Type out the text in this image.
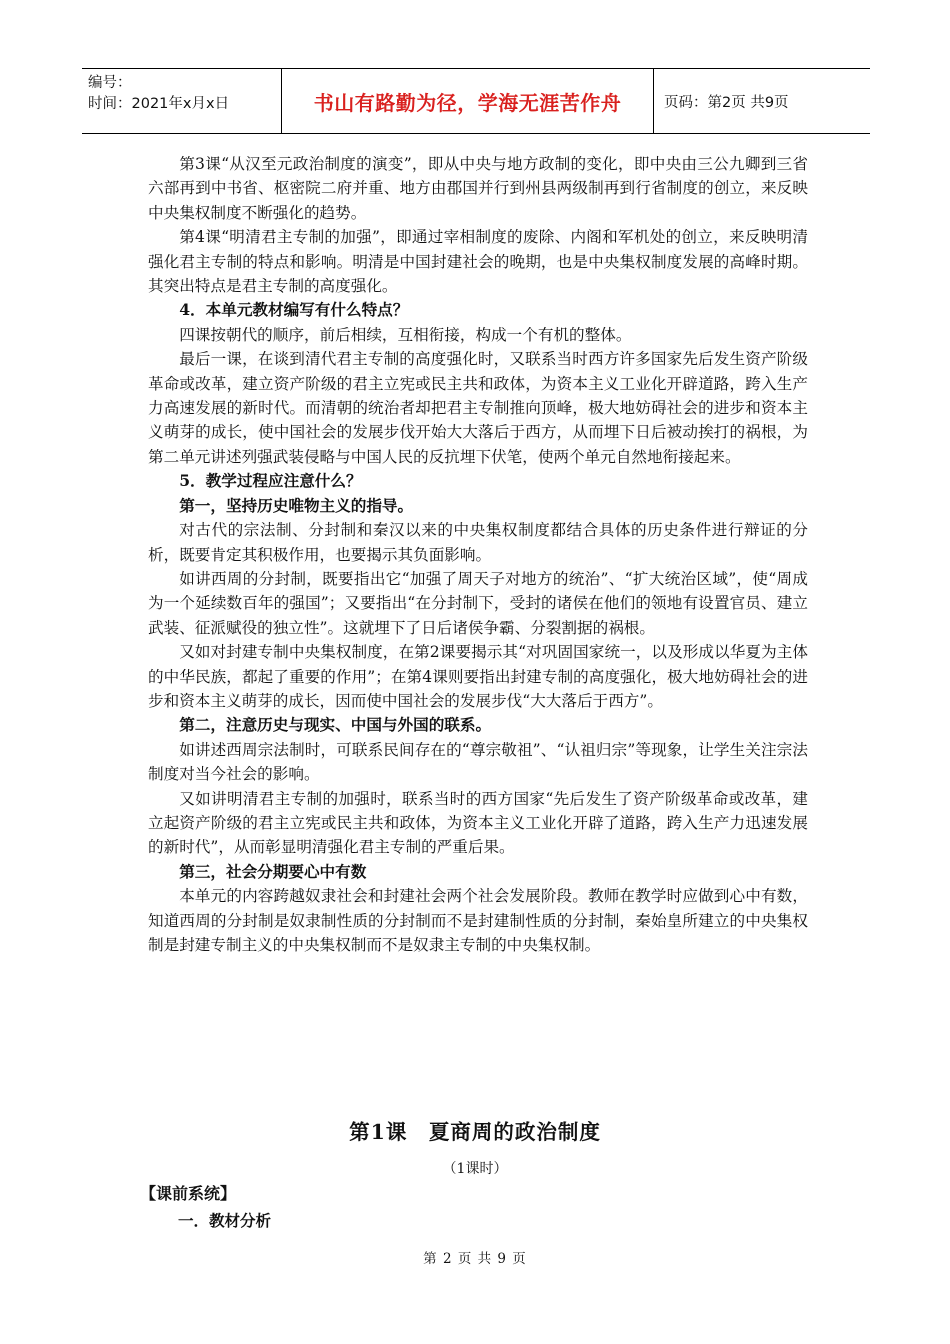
编号：
时间：2021年x月x日	书山有路勤为径，学海无涯苦作舟	页码：第2页 共9页

第3课“从汉至元政治制度的演变”，即从中央与地方政制的变化，即中央由三公九卿到三省六部再到中书省、枢密院二府并重、地方由郡国并行到州县两级制再到行省制度的创立，来反映中央集权制度不断强化的趋势。

第4课“明清君主专制的加强”，即通过宰相制度的废除、内阁和军机处的创立，来反映明清强化君主专制的特点和影响。明清是中国封建社会的晚期，也是中央集权制度发展的高峰时期。其突出特点是君主专制的高度强化。

4．本单元教材编写有什么特点？

四课按朝代的顺序，前后相续，互相衔接，构成一个有机的整体。

最后一课，在谈到清代君主专制的高度强化时，又联系当时西方许多国家先后发生资产阶级革命或改革，建立资产阶级的君主立宪或民主共和政体，为资本主义工业化开辟道路，跨入生产力高速发展的新时代。而清朝的统治者却把君主专制推向顶峰，极大地妨碍社会的进步和资本主义萌芽的成长，使中国社会的发展步伐开始大大落后于西方，从而埋下日后被动挨打的祸根，为第二单元讲述列强武装侵略与中国人民的反抗埋下伏笔，使两个单元自然地衔接起来。

5．教学过程应注意什么？

第一，坚持历史唯物主义的指导。

对古代的宗法制、分封制和秦汉以来的中央集权制度都结合具体的历史条件进行辩证的分析，既要肯定其积极作用，也要揭示其负面影响。

如讲西周的分封制，既要指出它“加强了周天子对地方的统治”、“扩大统治区域”，使“周成为一个延续数百年的强国”；又要指出“在分封制下，受封的诸侯在他们的领地有设置官员、建立武装、征派赋役的独立性”。这就埋下了日后诸侯争霸、分裂割据的祸根。

又如对封建专制中央集权制度，在第2课要揭示其“对巩固国家统一，以及形成以华夏为主体的中华民族，都起了重要的作用”；在第4课则要指出封建专制的高度强化，极大地妨碍社会的进步和资本主义萌芽的成长，因而使中国社会的发展步伐“大大落后于西方”。

第二，注意历史与现实、中国与外国的联系。

如讲述西周宗法制时，可联系民间存在的“尊宗敬祖”、“认祖归宗”等现象，让学生关注宗法制度对当今社会的影响。

又如讲明清君主专制的加强时，联系当时的西方国家“先后发生了资产阶级革命或改革，建立起资产阶级的君主立宪或民主共和政体，为资本主义工业化开辟了道路，跨入生产力迅速发展的新时代”，从而彰显明清强化君主专制的严重后果。

第三，社会分期要心中有数

本单元的内容跨越奴隶社会和封建社会两个社会发展阶段。教师在教学时应做到心中有数，知道西周的分封制是奴隶制性质的分封制而不是封建制性质的分封制，秦始皇所建立的中央集权制是封建专制主义的中央集权制而不是奴隶主专制的中央集权制。

第1课　夏商周的政治制度
（1课时）
【课前系统】
一．教材分析
第 2 页 共 9 页
